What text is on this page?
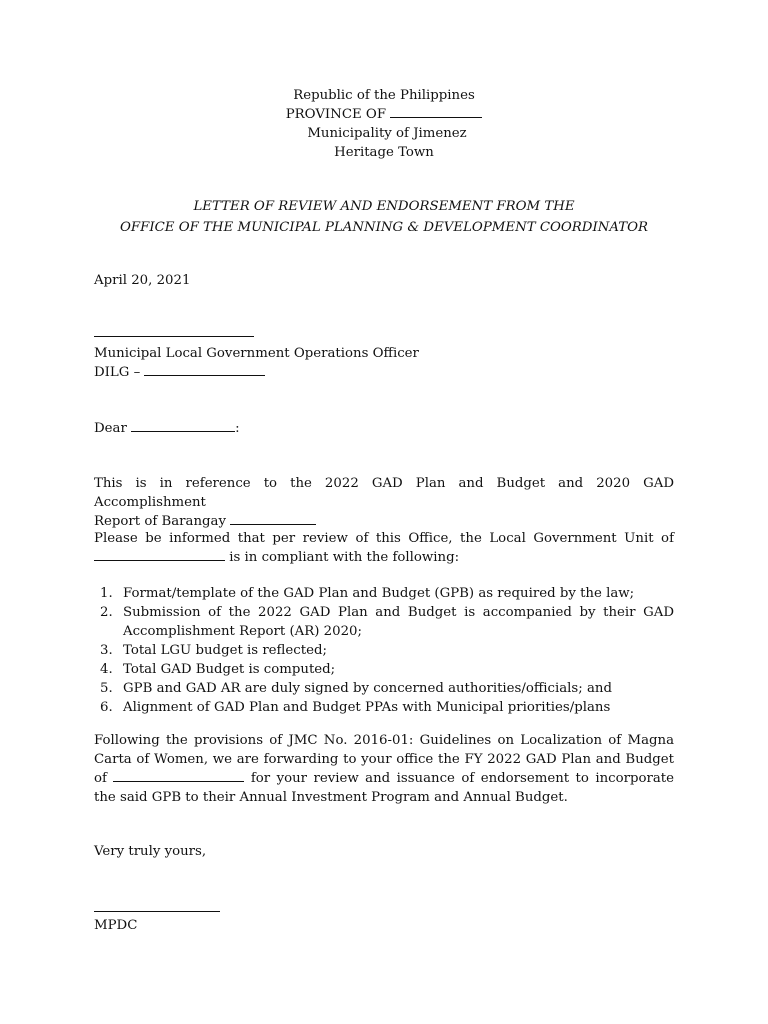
Republic of the Philippines
PROVINCE OF
Municipality of Jimenez
Heritage Town
LETTER OF REVIEW AND ENDORSEMENT FROM THE
OFFICE OF THE MUNICIPAL PLANNING & DEVELOPMENT COORDINATOR
April 20, 2021
Municipal Local Government Operations Officer
DILG –
Dear	:
This is in reference to the 2022 GAD Plan and Budget and 2020 GAD Accomplishment
Report of Barangay
Please be informed that per review of this Office, the Local Government Unit of
is in compliant with the following:
1. Format/template of the GAD Plan and Budget (GPB) as required by the law;
2. Submission of the 2022 GAD Plan and Budget is accompanied by their GAD Accomplishment Report (AR) 2020;
3. Total LGU budget is reflected;
4. Total GAD Budget is computed;
5. GPB and GAD AR are duly signed by concerned authorities/officials; and
6. Alignment of GAD Plan and Budget PPAs with Municipal priorities/plans
Following the provisions of JMC No. 2016-01: Guidelines on Localization of Magna Carta of Women, we are forwarding to your office the FY 2022 GAD Plan and Budget of	for your review and issuance of endorsement to incorporate the said GPB to their Annual Investment Program and Annual Budget.
Very truly yours,
MPDC
